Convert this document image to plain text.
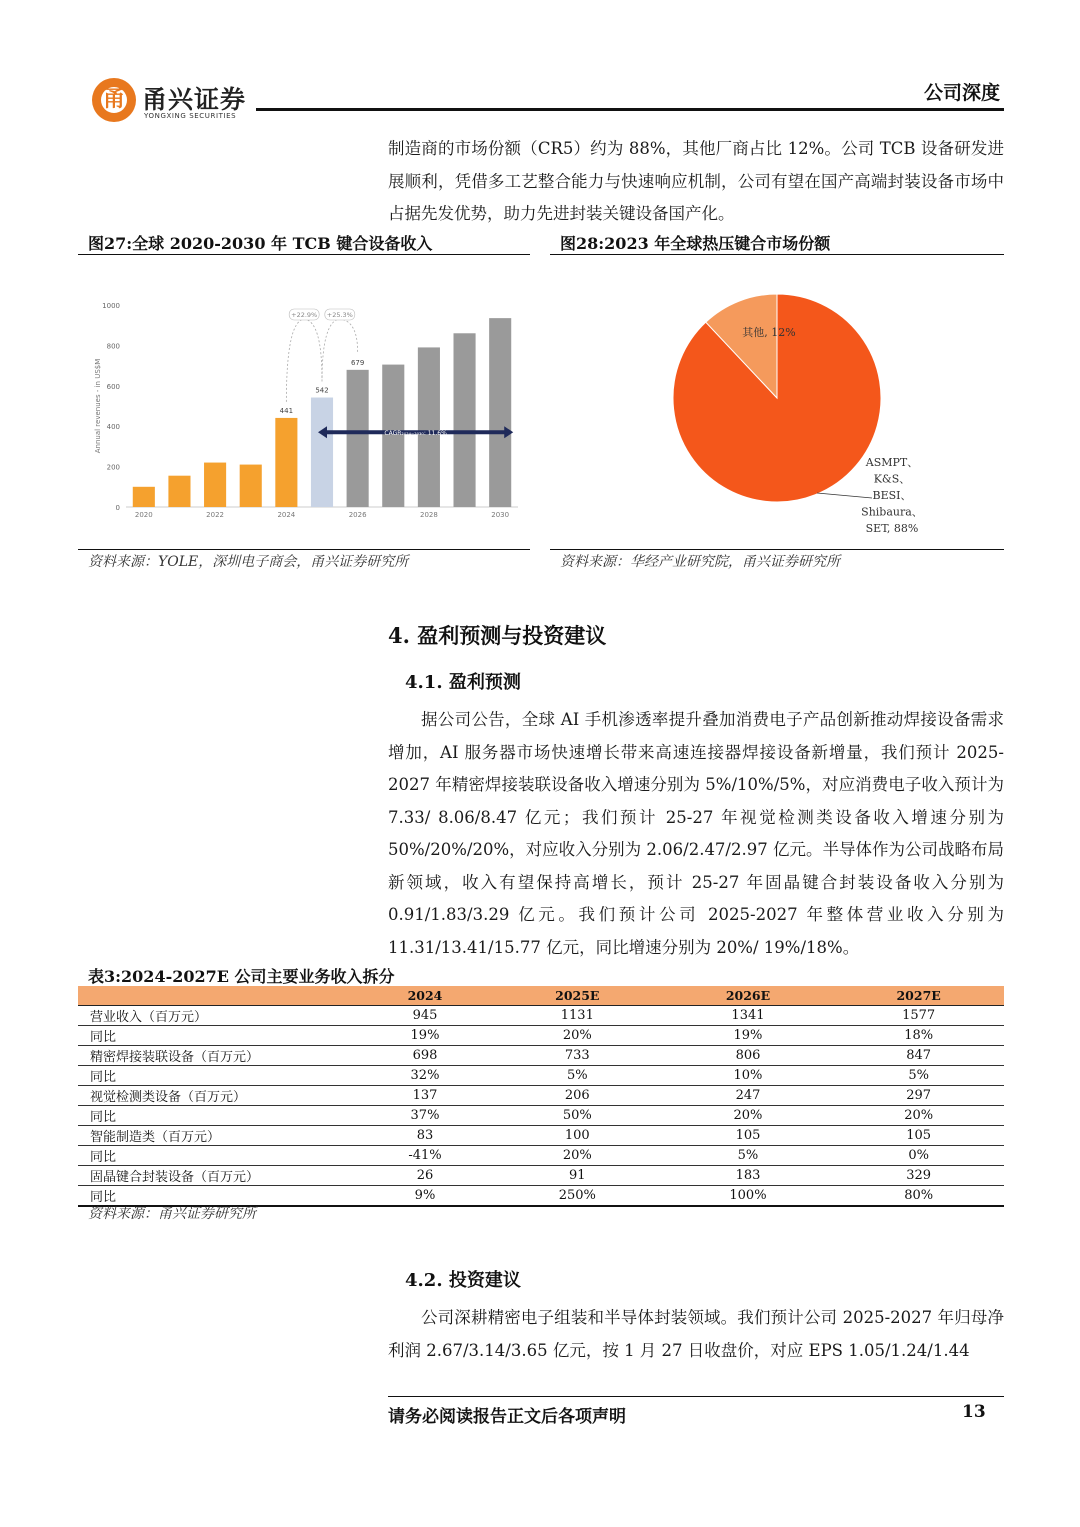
甬 甬兴证券
YONGXING SECURITIES
公司深度
制造商的市场份额（CR5）约为 88%，其他厂商占比 12%。公司 TCB 设备研发进展顺利，凭借多工艺整合能力与快速响应机制，公司有望在国产高端封装设备市场中占据先发优势，助力先进封装关键设备国产化。
图27:全球 2020-2030 年 TCB 键合设备收入
0
200
400
600
800
1000
Annual revenues - in US$M
2020	2022	2024
441
542
2026
679
2028	2030
+22.9% +25.3%
CAGR₂₀₂₄₋₂₀₃₀: 11.6%
资料来源：YOLE，深圳电子商会，甬兴证券研究所
图28:2023 年全球热压键合市场份额
其他, 12%
ASMPT、
K&S、
BESI、
Shibaura、
SET, 88%
资料来源：华经产业研究院，甬兴证券研究所
4. 盈利预测与投资建议
4.1. 盈利预测
据公司公告，全球 AI 手机渗透率提升叠加消费电子产品创新推动焊接设备需求增加，AI 服务器市场快速增长带来高速连接器焊接设备新增量，我们预计 2025-2027 年精密焊接装联设备收入增速分别为 5%/10%/5%，对应消费电子收入预计为 7.33/ 8.06/8.47 亿元；我们预计 25-27 年视觉检测类设备收入增速分别为 50%/20%/20%，对应收入分别为 2.06/2.47/2.97 亿元。半导体作为公司战略布局新领域，收入有望保持高增长，预计 25-27 年固晶键合封装设备收入分别为 0.91/1.83/3.29 亿元。我们预计公司 2025-2027 年整体营业收入分别为 11.31/13.41/15.77 亿元，同比增速分别为 20%/ 19%/18%。
表3:2024-2027E 公司主要业务收入拆分
	2024	2025E	2026E	2027E
营业收入（百万元）	945	1131	1341	1577
同比	19%	20%	19%	18%
精密焊接装联设备（百万元）	698	733	806	847
同比	32%	5%	10%	5%
视觉检测类设备（百万元）	137	206	247	297
同比	37%	50%	20%	20%
智能制造类（百万元）	83	100	105	105
同比	-41%	20%	5%	0%
固晶键合封装设备（百万元）	26	91	183	329
同比	9%	250%	100%	80%
资料来源：甬兴证券研究所
4.2. 投资建议
公司深耕精密电子组装和半导体封装领域。我们预计公司 2025-2027 年归母净利润 2.67/3.14/3.65 亿元，按 1 月 27 日收盘价，对应 EPS 1.05/1.24/1.44
请务必阅读报告正文后各项声明	13
